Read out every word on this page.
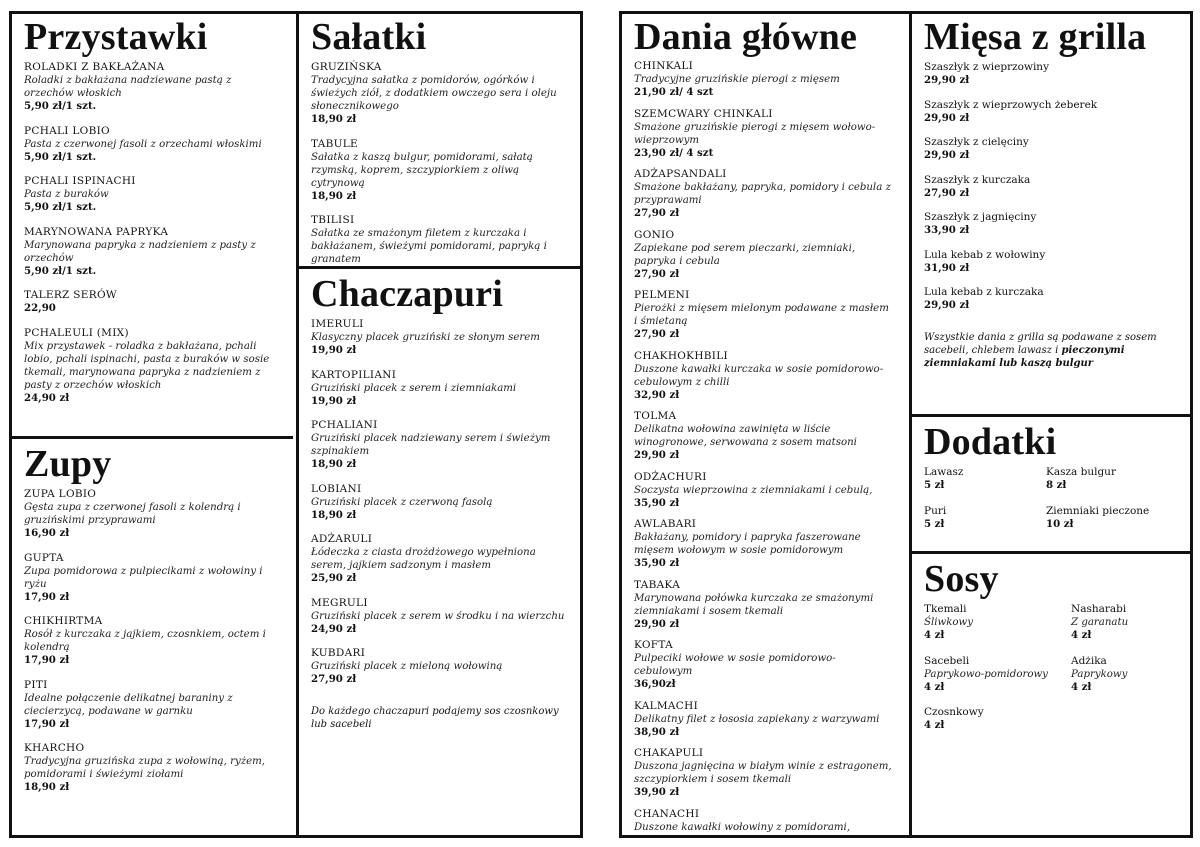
Przystawki
ROLADKI Z BAKŁAŻANA
Roladki z bakłażana nadziewane pastą z orzechów włoskich
5,90 zł/1 szt.
PCHALI LOBIO
Pasta z czerwonej fasoli z orzechami włoskimi
5,90 zł/1 szt.
PCHALI ISPINACHI
Pasta z buraków
5,90 zł/1 szt.
MARYNOWANA PAPRYKA
Marynowana papryka z nadzieniem z pasty z orzechów
5,90 zł/1 szt.
TALERZ SERÓW
22,90
PCHALEULI (MIX)
Mix przystawek - roladka z bakłażana, pchali lobio, pchali ispinachi, pasta z buraków w sosie tkemali, marynowana papryka z nadzieniem z pasty z orzechów włoskich
24,90 zł
Zupy
ZUPA LOBIO
Gęsta zupa z czerwonej fasoli z kolendrą i gruzińskimi przyprawami
16,90 zł
GUPTA
Zupa pomidorowa z pulpiecikami z wołowiny i ryżu
17,90 zł
CHIKHIRTMA
Rosół z kurczaka z jajkiem, czosnkiem, octem i kolendrą
17,90 zł
PITI
Idealne połączenie delikatnej baraniny z ciecierzycą, podawane w garnku
17,90 zł
KHARCHO
Tradycyjna gruzińska zupa z wołowiną, ryżem, pomidorami i świeżymi ziołami
18,90 zł
Sałatki
GRUZIŃSKA
Tradycyjna sałatka z pomidorów, ogórków i świeżych ziół, z dodatkiem owczego sera i oleju słonecznikowego
18,90 zł
TABULE
Sałatka z kaszą bulgur, pomidorami, sałatą rzymską, koprem, szczypiorkiem z oliwą cytrynową
18,90 zł
TBILISI
Sałatka ze smażonym filetem z kurczaka i bakłażanem, świeżymi pomidorami, papryką i granatem
Chaczapuri
IMERULI
Klasyczny placek gruziński ze słonym serem
19,90 zł
KARTOPILIANI
Gruziński placek z serem i ziemniakami
19,90 zł
PCHALIANI
Gruziński placek nadziewany serem i świeżym szpinakiem
18,90 zł
LOBIANI
Gruziński placek z czerwoną fasolą
18,90 zł
ADŻARULI
Łódeczka z ciasta drożdżowego wypełniona serem, jajkiem sadzonym i masłem
25,90 zł
MEGRULI
Gruziński placek z serem w środku i na wierzchu
24,90 zł
KUBDARI
Gruziński placek z mieloną wołowiną
27,90 zł
Do każdego chaczapuri podajemy sos czosnkowy lub sacebeli
Dania główne
CHINKALI
Tradycyjne gruzińskie pierogi z mięsem
21,90 zł/ 4 szt
SZEMCWARY CHINKALI
Smażone gruzińskie pierogi z mięsem wołowo-wieprzowym
23,90 zł/ 4 szt
ADŻAPSANDALI
Smażone bakłażany, papryka, pomidory i cebula z przyprawami
27,90 zł
GONIO
Zapiekane pod serem pieczarki, ziemniaki, papryka i cebula
27,90 zł
PELMENI
Pierożki z mięsem mielonym podawane z masłem i śmietaną
27,90 zł
CHAKHOKHBILI
Duszone kawałki kurczaka w sosie pomidorowo-cebulowym z chilli
32,90 zł
TOLMA
Delikatna wołowina zawinięta w liście winogronowe, serwowana z sosem matsoni
29,90 zł
ODŻACHURI
Soczysta wieprzowina z ziemniakami i cebulą,
35,90 zł
AWLABARI
Bakłażany, pomidory i papryka faszerowane mięsem wołowym w sosie pomidorowym
35,90 zł
TABAKA
Marynowana połówka kurczaka ze smażonymi ziemniakami i sosem tkemali
29,90 zł
KOFTA
Pulpeciki wołowe w sosie pomidorowo-cebulowym
36,90zł
KALMACHI
Delikatny filet z łososia zapiekany z warzywami
38,90 zł
CHAKAPULI
Duszona jagnięcina w białym winie z estragonem, szczypiorkiem i sosem tkemali
39,90 zł
CHANACHI
Duszone kawałki wołowiny z pomidorami,
Mięsa z grilla
Szaszłyk z wieprzowiny
29,90 zł
Szaszłyk z wieprzowych żeberek
29,90 zł
Szaszłyk z cielęciny
29,90 zł
Szaszłyk z kurczaka
27,90 zł
Szaszłyk z jagnięciny
33,90 zł
Lula kebab z wołowiny
31,90 zł
Lula kebab z kurczaka
29,90 zł
Wszystkie dania z grilla są podawane z sosem sacebeli, chlebem lawasz i pieczonymi ziemniakami lub kaszą bulgur
Dodatki
Lawasz
5 zł
Kasza bulgur
8 zł
Puri
5 zł
Ziemniaki pieczone
10 zł
Sosy
Tkemali
Śliwkowy
4 zł
Nasharabi
Z garanatu
4 zł
Sacebeli
Paprykowo-pomidorowy
4 zł
Adżika
Paprykowy
4 zł
Czosnkowy
4 zł
